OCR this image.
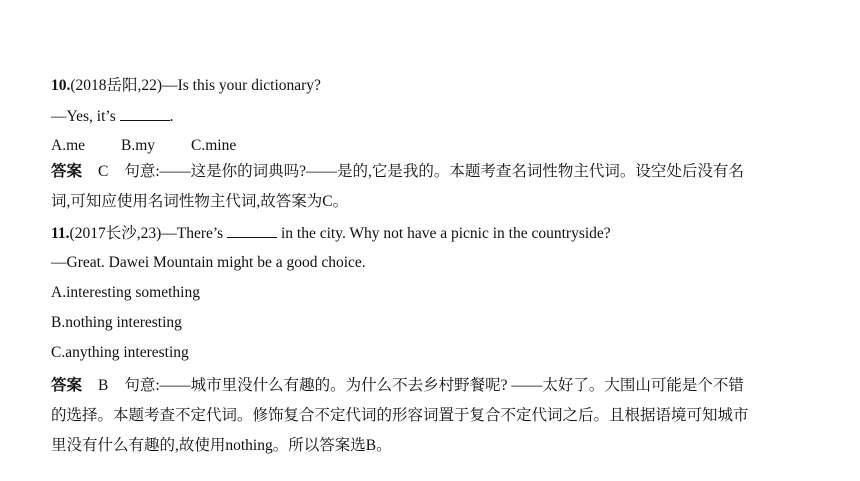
10.(2018岳阳,22)—Is this your dictionary?
—Yes, it’s	.
A.me B.my C.mine
答案 C 句意:——这是你的词典吗?——是的,它是我的。本题考查名词性物主代词。设空处后没有名
词,可知应使用名词性物主代词,故答案为C。
11.(2017长沙,23)—There’s	in the city. Why not have a picnic in the countryside?
—Great. Dawei Mountain might be a good choice.
A.interesting something
B.nothing interesting
C.anything interesting
答案 B 句意:——城市里没什么有趣的。为什么不去乡村野餐呢? ——太好了。大围山可能是个不错
的选择。本题考查不定代词。修饰复合不定代词的形容词置于复合不定代词之后。且根据语境可知城市
里没有什么有趣的,故使用nothing。所以答案选B。
